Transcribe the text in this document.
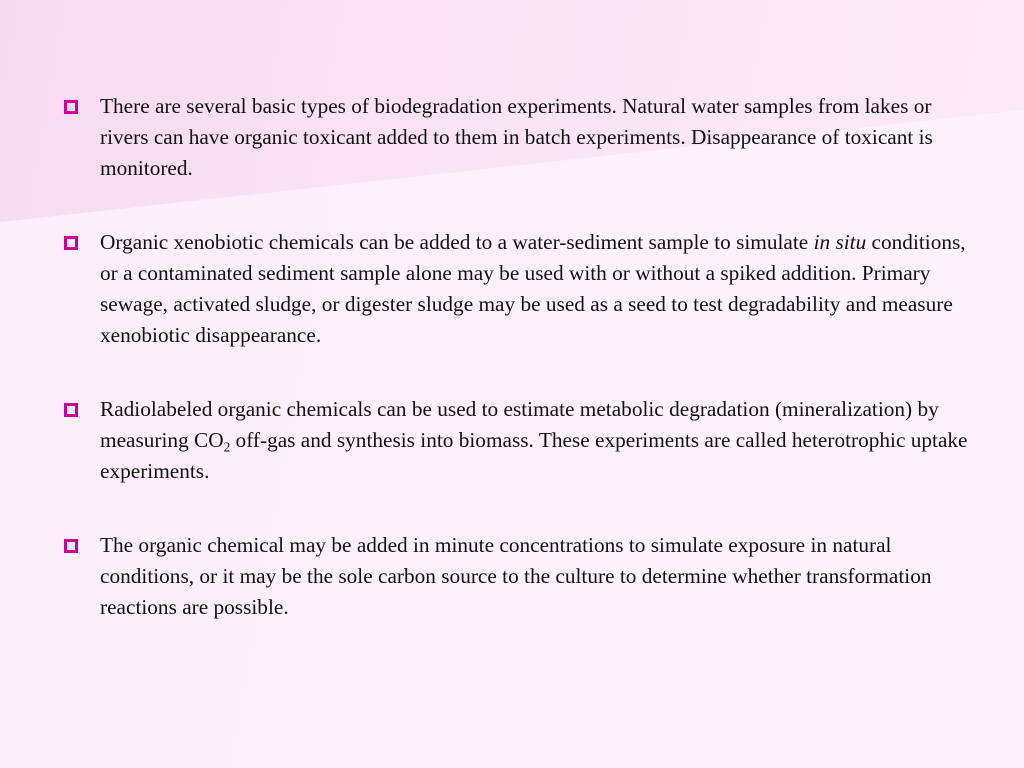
There are several basic types of biodegradation experiments. Natural water samples from lakes or rivers can have organic toxicant added to them in batch experiments. Disappearance of toxicant is monitored.
Organic xenobiotic chemicals can be added to a water-sediment sample to simulate in situ conditions, or a contaminated sediment sample alone may be used with or without a spiked addition. Primary sewage, activated sludge, or digester sludge may be used as a seed to test degradability and measure xenobiotic disappearance.
Radiolabeled organic chemicals can be used to estimate metabolic degradation (mineralization) by measuring $CO_2$ off-gas and synthesis into biomass. These experiments are called heterotrophic uptake experiments.
The organic chemical may be added in minute concentrations to simulate exposure in natural conditions, or it may be the sole carbon source to the culture to determine whether transformation reactions are possible.
